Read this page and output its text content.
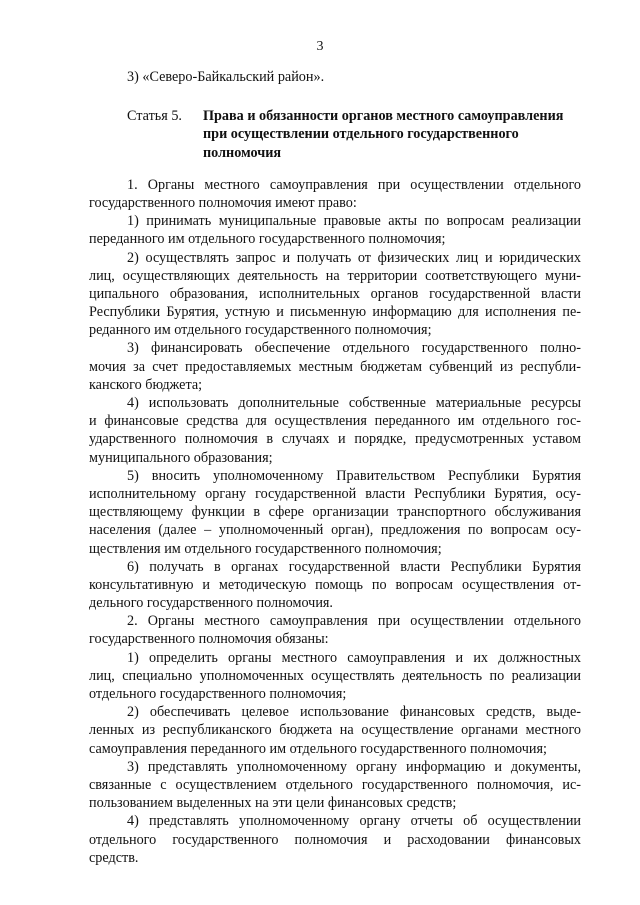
3
3) «Северо-Байкальский район».
Статья 5.	Права и обязанности органов местного самоуправления
при осуществлении отдельного государственного
полномочия
1. Органы местного самоуправления при осуществлении отдельного
государственного полномочия имеют право:
1) принимать муниципальные правовые акты по вопросам реализации
переданного им отдельного государственного полномочия;
2) осуществлять запрос и получать от физических лиц и юридических
лиц, осуществляющих деятельность на территории соответствующего муни-
ципального образования, исполнительных органов государственной власти
Республики Бурятия, устную и письменную информацию для исполнения пе-
реданного им отдельного государственного полномочия;
3) финансировать обеспечение отдельного государственного полно-
мочия за счет предоставляемых местным бюджетам субвенций из республи-
канского бюджета;
4) использовать дополнительные собственные материальные ресурсы
и финансовые средства для осуществления переданного им отдельного гос-
ударственного полномочия в случаях и порядке, предусмотренных уставом
муниципального образования;
5) вносить уполномоченному Правительством Республики Бурятия
исполнительному органу государственной власти Республики Бурятия, осу-
ществляющему функции в сфере организации транспортного обслуживания
населения (далее – уполномоченный орган), предложения по вопросам осу-
ществления им отдельного государственного полномочия;
6) получать в органах государственной власти Республики Бурятия
консультативную и методическую помощь по вопросам осуществления от-
дельного государственного полномочия.
2. Органы местного самоуправления при осуществлении отдельного
государственного полномочия обязаны:
1) определить органы местного самоуправления и их должностных
лиц, специально уполномоченных осуществлять деятельность по реализации
отдельного государственного полномочия;
2) обеспечивать целевое использование финансовых средств, выде-
ленных из республиканского бюджета на осуществление органами местного
самоуправления переданного им отдельного государственного полномочия;
3) представлять уполномоченному органу информацию и документы,
связанные с осуществлением отдельного государственного полномочия, ис-
пользованием выделенных на эти цели финансовых средств;
4) представлять уполномоченному органу отчеты об осуществлении
отдельного государственного полномочия и расходовании финансовых
средств.
